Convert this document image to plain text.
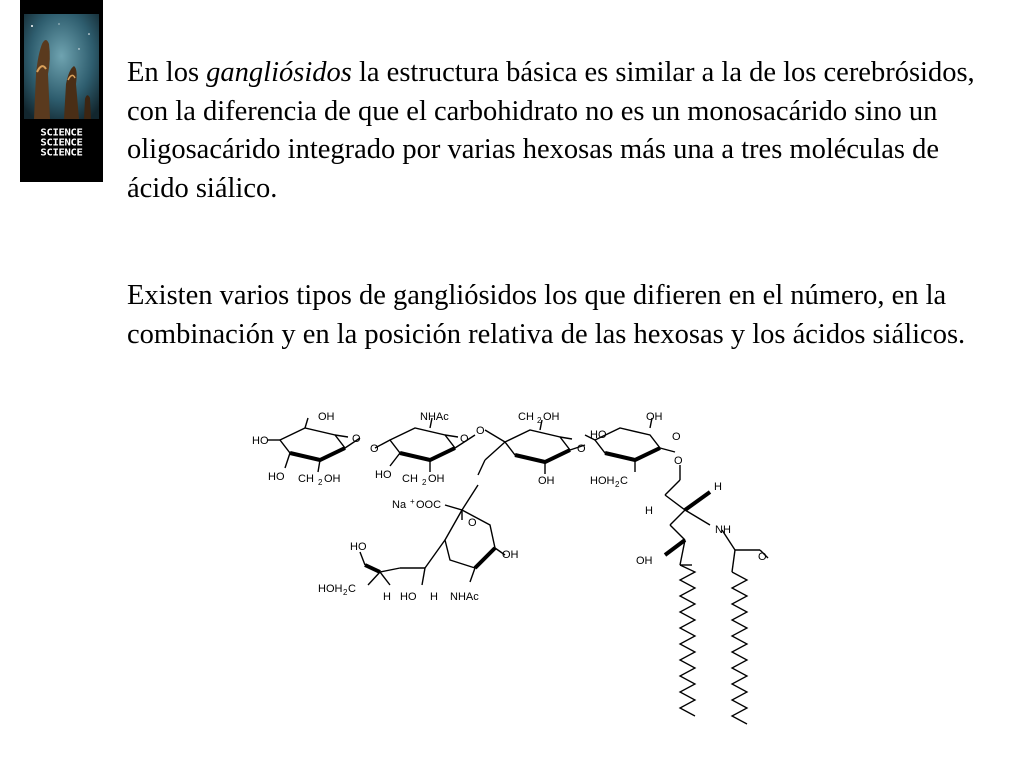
SCIENCE
SCIENCE
SCIENCE

En los gangliósidos la estructura básica es similar a la de los cerebrósidos, con la diferencia de que el carbohidrato no es un monosacárido sino un oligosacárido integrado por varias hexosas más una a tres moléculas de ácido siálico.

Existen varios tipos de gangliósidos los que difieren en el número, en la combinación y en la posición relativa de las hexosas y los ácidos siálicos.

OH
HO	O
HO CH 2 OH
O
NHAc
O
HO CH 2 OH
O
CH 2 OH
O
OH
HO
OH
O
HOH 2 C
O
H
H
NH
O
OH
Na + -
OOC
O
OH
HO
HOH 2 C
H HO H NHAc
